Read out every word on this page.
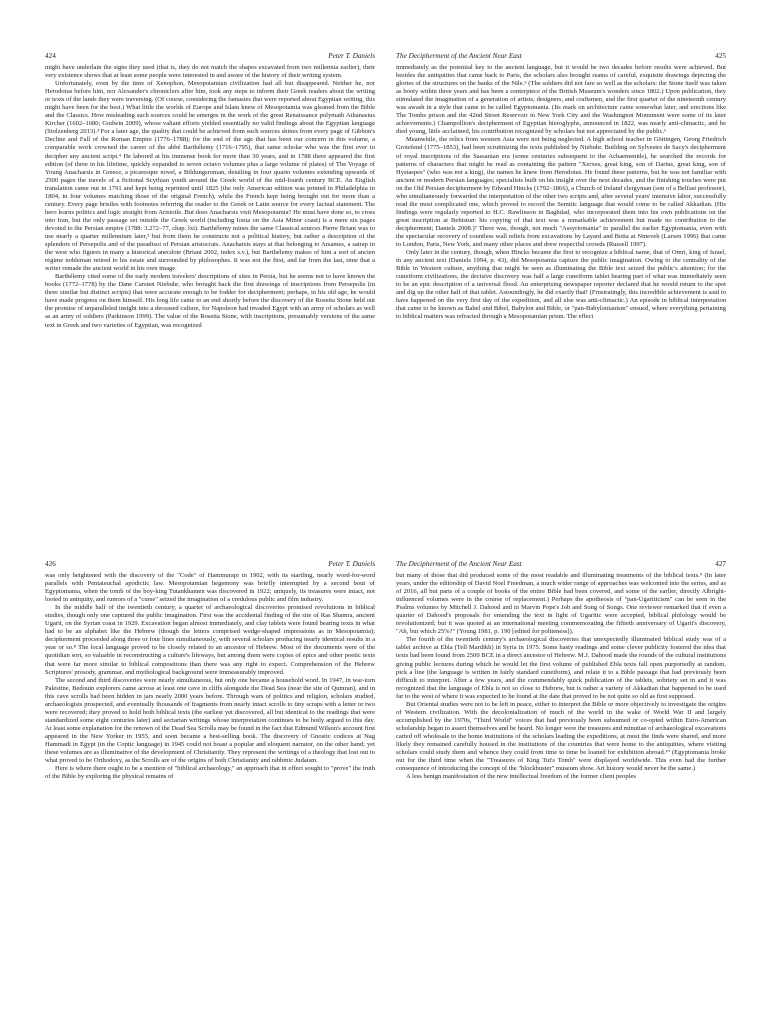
424	Peter T. Daniels

might have underlain the signs they used (that is, they do not match the shapes excavated from two millennia earlier), their very existence shows that at least some people were interested in and aware of the history of their writing system.

Unfortunately, even by the time of Xenophon, Mesopotamian civilization had all but disappeared. Neither he, nor Herodotus before him, nor Alexander's chroniclers after him, took any steps to inform their Greek readers about the writing or texts of the lands they were traversing. (Of course, considering the fantasies that were reported about Egyptian writing, this might have been for the best.) What little the worlds of Europe and Islam knew of Mesopotamia was gleaned from the Bible and the Classics. How misleading such sources could be emerges in the work of the great Renaissance polymath Athanasius Kircher (1602–1680; Godwin 2009), whose valiant efforts yielded essentially no valid findings about the Egyptian language (Stolzenberg 2013).³ For a later age, the quality that could be achieved from such sources shines from every page of Gibbon's Decline and Fall of the Roman Empire (1776–1788); for the end of the age that has been our concern in this volume, a comparable work crowned the career of the abbé Barthélemy (1716–1795), that same scholar who was the first ever to decipher any ancient script.⁴ He labored at his immense book for more than 30 years, and in 1788 there appeared the first edition (of three in his lifetime, quickly expanded to seven octavo volumes plus a large volume of plates) of The Voyage of Young Anacharsis in Greece, a picaresque novel, a Bildungsroman, detailing in four quarto volumes extending upwards of 2500 pages the travels of a fictional Scythian youth around the Greek world of the mid-fourth century BCE. An English translation came out in 1791 and kept being reprinted until 1825 (the only American edition was printed in Philadelphia in 1804, in four volumes matching those of the original French), while the French kept being brought out for more than a century. Every page bristles with footnotes referring the reader to the Greek or Latin source for every factual statement. The hero learns politics and logic straight from Aristotle. But does Anacharsis visit Mesopotamia? He must have done so, to cross into Iran, but the only passage set outside the Greek world (including Ionia on the Asia Minor coast) is a mere six pages devoted to the Persian empire (1788: 3.272–77, chap. lxi). Barthélemy mines the same Classical sources Pierre Briant was to use nearly a quarter millennium later,⁵ but from them he constructs not a political history, but rather a description of the splendors of Persepolis and of the paradisoi of Persian aristocrats. Anacharsis stays at that belonging to Arsames, a satrap in the west who figures in many a historical anecdote (Briant 2002, index s.v.), but Barthélemy makes of him a sort of ancien régime nobleman retired to his estate and surrounded by philosophes. It was not the first, and far from the last, time that a writer remade the ancient world in his own image.

Barthélemy cited some of the early modern travelers' descriptions of sites in Persia, but he seems not to have known the books (1772–1778) by the Dane Carsten Niebuhr, who brought back the first drawings of inscriptions from Persepolis (in three similar but distinct scripts) that were accurate enough to be fodder for decipherment; perhaps, in his old age, he would have made progress on them himself. His long life came to an end shortly before the discovery of the Rosetta Stone held out the promise of unparalleled insight into a deceased culture, for Napoleon had invaded Egypt with an army of scholars as well as an army of soldiers (Parkinson 1999). The value of the Rosetta Stone, with inscriptions, presumably versions of the same text in Greek and two varieties of Egyptian, was recognized

The Decipherment of the Ancient Near East	425

immediately as the potential key to the ancient language, but it would be two decades before results were achieved. But besides the antiquities that came back to Paris, the scholars also brought reams of careful, exquisite drawings depicting the glories of the structures on the banks of the Nile.⁵ (The soldiers did not fare so well as the scholars: the Stone itself was taken as booty within three years and has been a centerpiece of the British Museum's wonders since 1802.) Upon publication, they stimulated the imagination of a generation of artists, designers, and craftsmen, and the first quarter of the nineteenth century was awash in a style that came to be called Egyptomania. (Its mark on architecture came somewhat later, and erections like The Tombs prison and the 42nd Street Reservoir in New York City and the Washington Monument were some of its later achievements.) Champollion's decipherment of Egyptian hieroglyphs, announced in 1822, was nearly anti-climactic, and he died young, little acclaimed, his contribution recognized by scholars but not appreciated by the public.⁶

Meanwhile, the relics from western Asia were not being neglected. A high school teacher in Göttingen, Georg Friedrich Grotefend (1775–1853), had been scrutinizing the texts published by Niebuhr. Building on Sylvestre de Sacy's decipherment of royal inscriptions of the Sassanian era (some centuries subsequent to the Achaemenids), he searched the records for patterns of characters that might be read as containing the pattern "Xerxes, great king, son of Darius, great king, son of Hystaspes" (who was not a king), the names he knew from Herodotus. He found these patterns, but he was not familiar with ancient or modern Persian languages; specialists built on his insight over the next decades, and the finishing touches were put on the Old Persian decipherment by Edward Hincks (1792–1866), a Church of Ireland clergyman (son of a Belfast professor), who simultaneously forwarded the interpretation of the other two scripts and, after several years' intensive labor, successfully read the most complicated one, which proved to record the Semitic language that would come to be called Akkadian. (His findings were regularly reported to H.C. Rawlinson in Baghdad, who incorporated them into his own publications on the great inscription at Behistun: his copying of that text was a remarkable achievement but made no contribution to the decipherment; Daniels 2008.)⁷ There was, though, not much "Assyriomania" to parallel the earlier Egyptomania, even with the spectacular recovery of countless wall reliefs from excavations by Layard and Botta at Nineveh (Larsen 1996) that came to London, Paris, New York, and many other places and drew respectful crowds (Russell 1997).

Only later in the century, though, when Hincks became the first to recognize a biblical name, that of Omri, king of Israel, in any ancient text (Daniels 1994, p. 43), did Mesopotamia capture the public imagination. Owing to the centrality of the Bible in Western culture, anything that might be seen as illuminating the Bible text seized the public's attention; for the cuneiform civilizations, the decisive discovery was half a large cuneiform tablet bearing part of what was immediately seen to be an epic description of a universal flood. An enterprising newspaper reporter declared that he would return to the spot and dig up the other half of that tablet. Astoundingly, he did exactly that! (Frustratingly, this incredible achievement is said to have happened on the very first day of the expedition, and all else was anti-climactic.) An episode in biblical interpretation that came to be known as Babel und Bibel, Babylon and Bible, or "pan-Babylonianism" ensued, where everything pertaining to biblical matters was refracted through a Mesopotamian prism. The effect

426	Peter T. Daniels

was only heightened with the discovery of the "Code" of Hammurapi in 1902, with its startling, nearly word-for-word parallels with Pentateuchal apodictic law. Mesopotamian hegemony was briefly interrupted by a second bout of Egyptomania, when the tomb of the boy-king Tutankhamen was discovered in 1922; uniquely, its treasures were intact, not looted in antiquity, and rumors of a "curse" seized the imagination of a credulous public and film industry.

In the middle half of the twentieth century, a quartet of archaeological discoveries promised revolutions in biblical studies, though only one captured the public imagination. First was the accidental finding of the site of Ras Shamra, ancient Ugarit, on the Syrian coast in 1929. Excavation began almost immediately, and clay tablets were found bearing texts in what had to be an alphabet like the Hebrew (though the letters comprised wedge-shaped impressions as in Mesopotamia); decipherment proceeded along three or four lines simultaneously, with several scholars producing nearly identical results in a year or so.⁸ The local language proved to be closely related to an ancestor of Hebrew. Most of the documents were of the quotidian sort, so valuable in reconstructing a culture's lifeways, but among them were copies of epics and other poetic texts that were far more similar to biblical compositions than there was any right to expect. Comprehension of the Hebrew Scriptures' prosody, grammar, and mythological background were immeasurably improved.

The second and third discoveries were nearly simultaneous, but only one became a household word. In 1947, in war-torn Palestine, Bedouin explorers came across at least one cave in cliffs alongside the Dead Sea (near the site of Qumran), and in this cave scrolls had been hidden in jars nearly 2000 years before. Through wars of politics and religion, scholars studied, archaeologists prospected, and eventually thousands of fragments from nearly intact scrolls to tiny scraps with a letter or two were recovered; they proved to hold both biblical texts (the earliest yet discovered, all but identical to the readings that were standardized some eight centuries later) and sectarian writings whose interpretation continues to be hotly argued to this day. At least some explanation for the renown of the Dead Sea Scrolls may be found in the fact that Edmund Wilson's account first appeared in the New Yorker in 1955, and soon became a best-selling book. The discovery of Gnostic codices at Nag Hammadi in Egypt (in the Coptic language) in 1945 could not boast a popular and eloquent narrator, on the other hand; yet these volumes are as illuminative of the development of Christianity. They represent the writings of a theology that lost out to what proved to be Orthodoxy, as the Scrolls are of the origins of both Christianity and rabbinic Judaism.

Here is where there ought to be a mention of "biblical archaeology," an approach that in effect sought to "prove" the truth of the Bible by exploring the physical remains of

The Decipherment of the Ancient Near East	427

but many of those that did produced some of the most readable and illuminating treatments of the biblical texts.⁹ (In later years, under the editorship of David Noel Freedman, a much wider range of approaches was welcomed into the series, and as of 2016, all but parts of a couple of books of the entire Bible had been covered, and some of the earlier, directly Albright-influenced volumes were in the course of replacement.) Perhaps the apotheosis of "pan-Ugariticism" can be seen in the Psalms volumes by Mitchell J. Dahood and in Marvin Pope's Job and Song of Songs. One reviewer remarked that if even a quarter of Dahood's proposals for emending the text in light of Ugaritic were accepted, biblical philology would be revolutionized; but it was quoted at an international meeting commemorating the fiftieth anniversary of Ugarit's discovery, "Ah, but which 25%?" (Young 1981, p. 190 [edited for politeness]).

The fourth of the twentieth century's archaeological discoveries that unexpectedly illuminated biblical study was of a tablet archive at Ebla (Tell Mardikh) in Syria in 1975. Some hasty readings and some clever publicity fostered the idea that texts had been found from 2500 BCE in a direct ancestor of Hebrew. M.J. Dahood made the rounds of the cultural institutions giving public lectures during which he would let the first volume of published Ebla texts fall open purportedly at random, pick a line (the language is written in fairly standard cuneiform), and relate it to a Bible passage that had previously been difficult to interpret. After a few years, and the commendably quick publication of the tablets, sobriety set in and it was recognized that the language of Ebla is not so close to Hebrew, but is rather a variety of Akkadian that happened to be used far to the west of where it was expected to be found at the date that proved to be not quite so old as first supposed.

But Oriental studies were not to be left in peace, either to interpret the Bible or more objectively to investigate the origins of Western civilization. With the decolonialization of much of the world in the wake of World War II and largely accomplished by the 1970s, "Third World" voices that had previously been subsumed or co-opted within Euro-American scholarship began to assert themselves and be heard. No longer were the treasures and minutiae of archaeological excavations carted off wholesale to the home institutions of the scholars leading the expeditions, at most the finds were shared, and more likely they remained carefully housed in the institutions of the countries that were home to the antiquities, where visiting scholars could study them and whence they could from time to time be loaned for exhibition abroad.¹⁰ (Egyptomania broke out for the third time when the "Treasures of King Tut's Tomb" were displayed worldwide. This even had the further consequence of introducing the concept of the "blockbuster" museum show. Art history would never be the same.)

A less benign manifestation of the new intellectual freedom of the former client peoples
